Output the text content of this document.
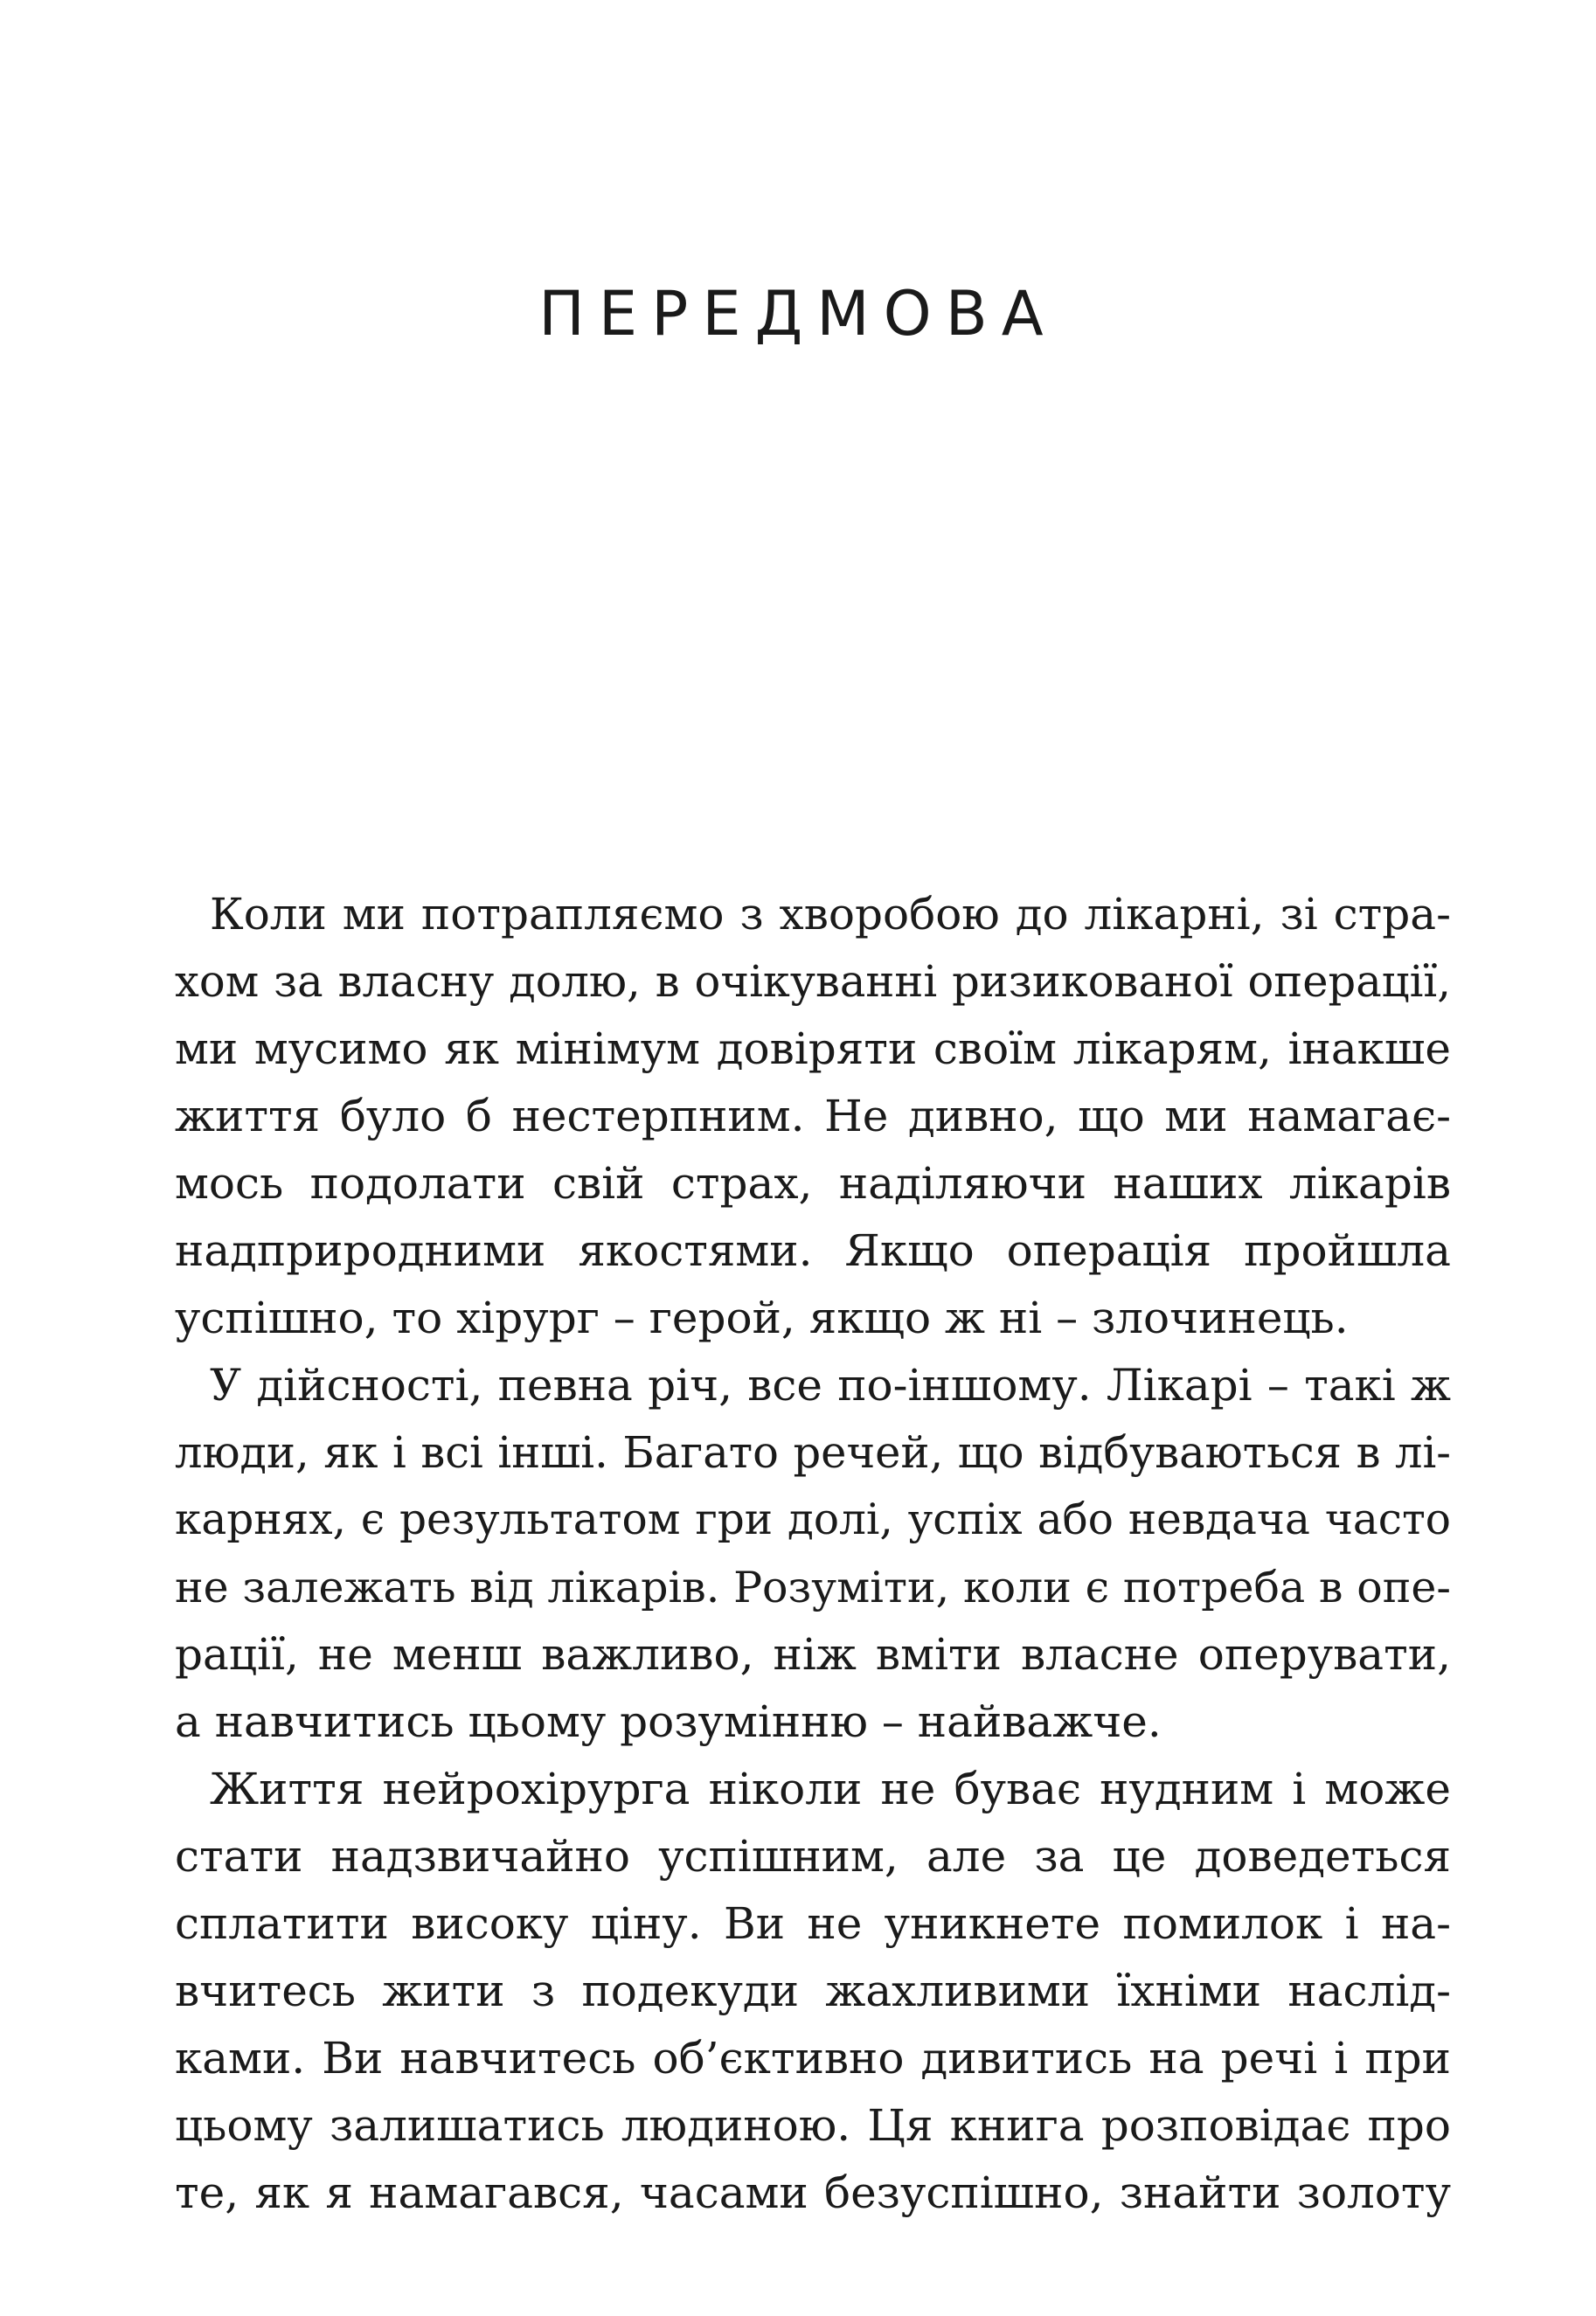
ПЕРЕДМОВА
Коли ми потрапляємо з хворобою до лікарні, зі стра-
хом за власну долю, в очікуванні ризикованої операції,
ми мусимо як мінімум довіряти своїм лікарям, інакше
життя було б нестерпним. Не дивно, що ми намагає-
мось подолати свій страх, наділяючи наших лікарів
надприродними якостями. Якщо операція пройшла
успішно, то хірург – герой, якщо ж ні – злочинець.
У дійсності, певна річ, все по-іншому. Лікарі – такі ж
люди, як і всі інші. Багато речей, що відбуваються в лі-
карнях, є результатом гри долі, успіх або невдача часто
не залежать від лікарів. Розуміти, коли є потреба в опе-
рації, не менш важливо, ніж вміти власне оперувати,
а навчитись цьому розумінню – найважче.
Життя нейрохірурга ніколи не буває нудним і може
стати надзвичайно успішним, але за це доведеться
сплатити високу ціну. Ви не уникнете помилок і на-
вчитесь жити з подекуди жахливими їхніми наслід-
ками. Ви навчитесь об’єктивно дивитись на речі і при
цьому залишатись людиною. Ця книга розповідає про
те, як я намагався, часами безуспішно, знайти золоту
